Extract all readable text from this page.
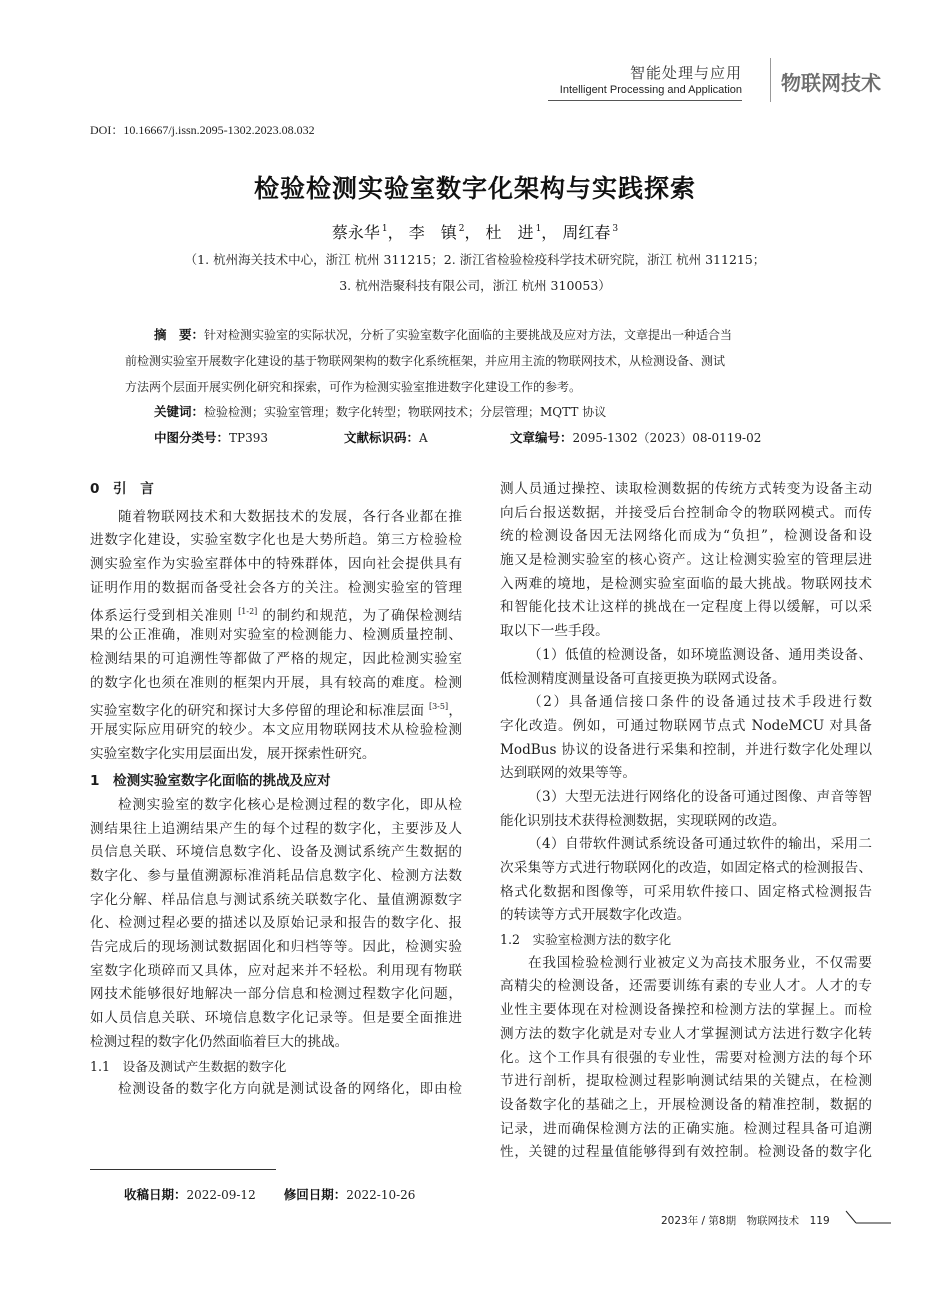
智能处理与应用
Intelligent Processing and Application 物联网技术
DOI：10.16667/j.issn.2095-1302.2023.08.032
检验检测实验室数字化架构与实践探索
蔡永华 $^1$， 李　镇 $^2$， 杜　进 $^1$， 周红春 $^3$
（1. 杭州海关技术中心，浙江 杭州 311215；2. 浙江省检验检疫科学技术研究院，浙江 杭州 311215；
3. 杭州浩聚科技有限公司，浙江 杭州 310053）
摘　要：针对检测实验室的实际状况，分析了实验室数字化面临的主要挑战及应对方法，文章提出一种适合当
前检测实验室开展数字化建设的基于物联网架构的数字化系统框架，并应用主流的物联网技术，从检测设备、测试
方法两个层面开展实例化研究和探索，可作为检测实验室推进数字化建设工作的参考。
关键词：检验检测；实验室管理；数字化转型；物联网技术；分层管理；MQTT 协议
中图分类号：TP393	文献标识码：A	文章编号：2095-1302（2023）08-0119-02
0　引　言
随着物联网技术和大数据技术的发展，各行各业都在推
进数字化建设，实验室数字化也是大势所趋。第三方检验检
测实验室作为实验室群体中的特殊群体，因向社会提供具有
证明作用的数据而备受社会各方的关注。检测实验室的管理
体系运行受到相关准则 [1-2] 的制约和规范，为了确保检测结
果的公正准确，准则对实验室的检测能力、检测质量控制、
检测结果的可追溯性等都做了严格的规定，因此检测实验室
的数字化也须在准则的框架内开展，具有较高的难度。检测
实验室数字化的研究和探讨大多停留的理论和标准层面 [3-5]，
开展实际应用研究的较少。本文应用物联网技术从检验检测
实验室数字化实用层面出发，展开探索性研究。
1　检测实验室数字化面临的挑战及应对
检测实验室的数字化核心是检测过程的数字化，即从检
测结果往上追溯结果产生的每个过程的数字化，主要涉及人
员信息关联、环境信息数字化、设备及测试系统产生数据的
数字化、参与量值溯源标准消耗品信息数字化、检测方法数
字化分解、样品信息与测试系统关联数字化、量值溯源数字
化、检测过程必要的描述以及原始记录和报告的数字化、报
告完成后的现场测试数据固化和归档等等。因此，检测实验
室数字化琐碎而又具体，应对起来并不轻松。利用现有物联
网技术能够很好地解决一部分信息和检测过程数字化问题，
如人员信息关联、环境信息数字化记录等。但是要全面推进
检测过程的数字化仍然面临着巨大的挑战。
1.1　设备及测试产生数据的数字化
检测设备的数字化方向就是测试设备的网络化，即由检
测人员通过操控、读取检测数据的传统方式转变为设备主动
向后台报送数据，并接受后台控制命令的物联网模式。而传
统的检测设备因无法网络化而成为“负担”，检测设备和设
施又是检测实验室的核心资产。这让检测实验室的管理层进
入两难的境地，是检测实验室面临的最大挑战。物联网技术
和智能化技术让这样的挑战在一定程度上得以缓解，可以采
取以下一些手段。
（1）低值的检测设备，如环境监测设备、通用类设备、
低检测精度测量设备可直接更换为联网式设备。
（2）具备通信接口条件的设备通过技术手段进行数
字化改造。例如，可通过物联网节点式 NodeMCU 对具备
ModBus 协议的设备进行采集和控制，并进行数字化处理以
达到联网的效果等等。
（3）大型无法进行网络化的设备可通过图像、声音等智
能化识别技术获得检测数据，实现联网的改造。
（4）自带软件测试系统设备可通过软件的输出，采用二
次采集等方式进行物联网化的改造，如固定格式的检测报告、
格式化数据和图像等，可采用软件接口、固定格式检测报告
的转读等方式开展数字化改造。
1.2　实验室检测方法的数字化
在我国检验检测行业被定义为高技术服务业，不仅需要
高精尖的检测设备，还需要训练有素的专业人才。人才的专
业性主要体现在对检测设备操控和检测方法的掌握上。而检
测方法的数字化就是对专业人才掌握测试方法进行数字化转
化。这个工作具有很强的专业性，需要对检测方法的每个环
节进行剖析，提取检测过程影响测试结果的关键点，在检测
设备数字化的基础之上，开展检测设备的精准控制，数据的
记录，进而确保检测方法的正确实施。检测过程具备可追溯
性，关键的过程量值能够得到有效控制。检测设备的数字化
收稿日期：2022-09-12 修回日期：2022-10-26
2023年 / 第8期　物联网技术　119
